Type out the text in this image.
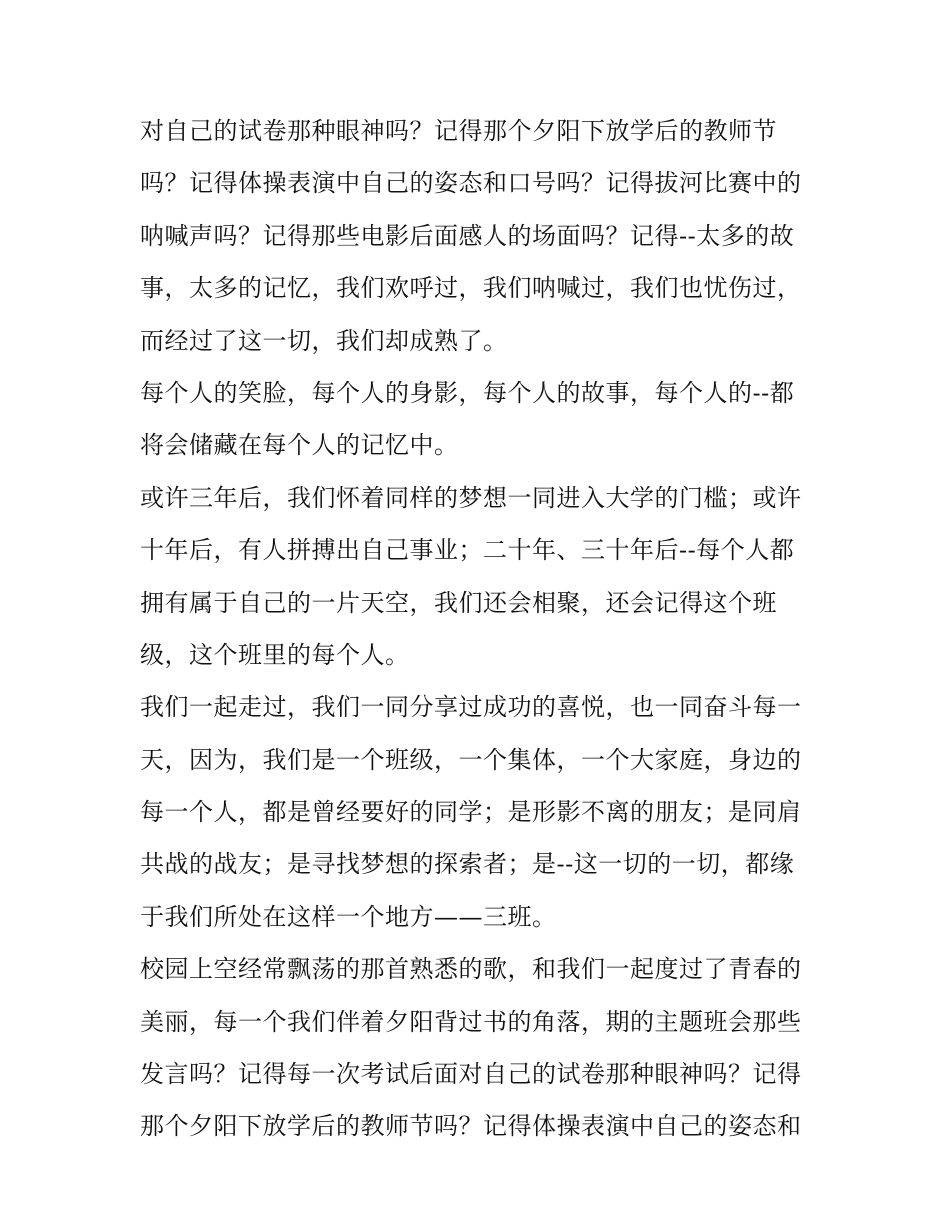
对自己的试卷那种眼神吗？记得那个夕阳下放学后的教师节
吗？记得体操表演中自己的姿态和口号吗？记得拔河比赛中的
呐喊声吗？记得那些电影后面感人的场面吗？记得--太多的故
事，太多的记忆，我们欢呼过，我们呐喊过，我们也忧伤过，
而经过了这一切，我们却成熟了。
每个人的笑脸，每个人的身影，每个人的故事，每个人的--都
将会储藏在每个人的记忆中。
或许三年后，我们怀着同样的梦想一同进入大学的门槛；或许
十年后，有人拼搏出自己事业；二十年、三十年后--每个人都
拥有属于自己的一片天空，我们还会相聚，还会记得这个班
级，这个班里的每个人。
我们一起走过，我们一同分享过成功的喜悦，也一同奋斗每一
天，因为，我们是一个班级，一个集体，一个大家庭，身边的
每一个人，都是曾经要好的同学；是形影不离的朋友；是同肩
共战的战友；是寻找梦想的探索者；是--这一切的一切，都缘
于我们所处在这样一个地方——三班。
校园上空经常飘荡的那首熟悉的歌，和我们一起度过了青春的
美丽，每一个我们伴着夕阳背过书的角落，期的主题班会那些
发言吗？记得每一次考试后面对自己的试卷那种眼神吗？记得
那个夕阳下放学后的教师节吗？记得体操表演中自己的姿态和
